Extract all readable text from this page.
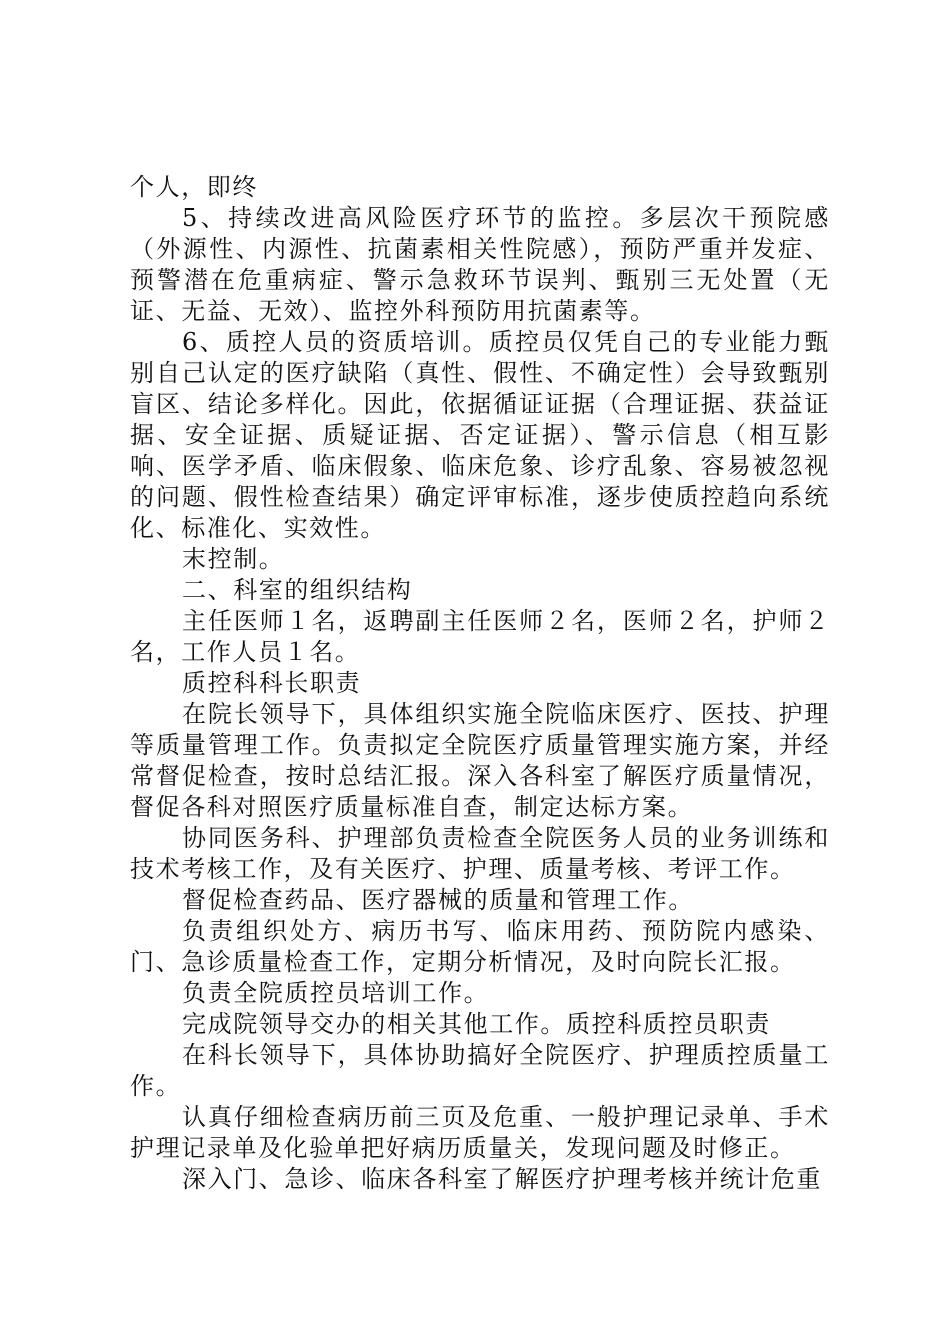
个人，即终

5、持续改进高风险医疗环节的监控。多层次干预院感（外源性、内源性、抗菌素相关性院感），预防严重并发症、预警潜在危重病症、警示急救环节误判、甄别三无处置（无证、无益、无效）、监控外科预防用抗菌素等。

6、质控人员的资质培训。质控员仅凭自己的专业能力甄别自己认定的医疗缺陷（真性、假性、不确定性）会导致甄别盲区、结论多样化。因此，依据循证证据（合理证据、获益证据、安全证据、质疑证据、否定证据）、警示信息（相互影响、医学矛盾、临床假象、临床危象、诊疗乱象、容易被忽视的问题、假性检查结果）确定评审标准，逐步使质控趋向系统化、标准化、实效性。

末控制。

二、科室的组织结构

主任医师１名，返聘副主任医师２名，医师２名，护师２名，工作人员１名。

质控科科长职责

在院长领导下，具体组织实施全院临床医疗、医技、护理等质量管理工作。负责拟定全院医疗质量管理实施方案，并经常督促检查，按时总结汇报。深入各科室了解医疗质量情况，督促各科对照医疗质量标准自查，制定达标方案。

协同医务科、护理部负责检查全院医务人员的业务训练和技术考核工作，及有关医疗、护理、质量考核、考评工作。

督促检查药品、医疗器械的质量和管理工作。

负责组织处方、病历书写、临床用药、预防院内感染、门、急诊质量检查工作，定期分析情况，及时向院长汇报。

负责全院质控员培训工作。

完成院领导交办的相关其他工作。质控科质控员职责

在科长领导下，具体协助搞好全院医疗、护理质控质量工作。

认真仔细检查病历前三页及危重、一般护理记录单、手术护理记录单及化验单把好病历质量关，发现问题及时修正。

深入门、急诊、临床各科室了解医疗护理考核并统计危重
